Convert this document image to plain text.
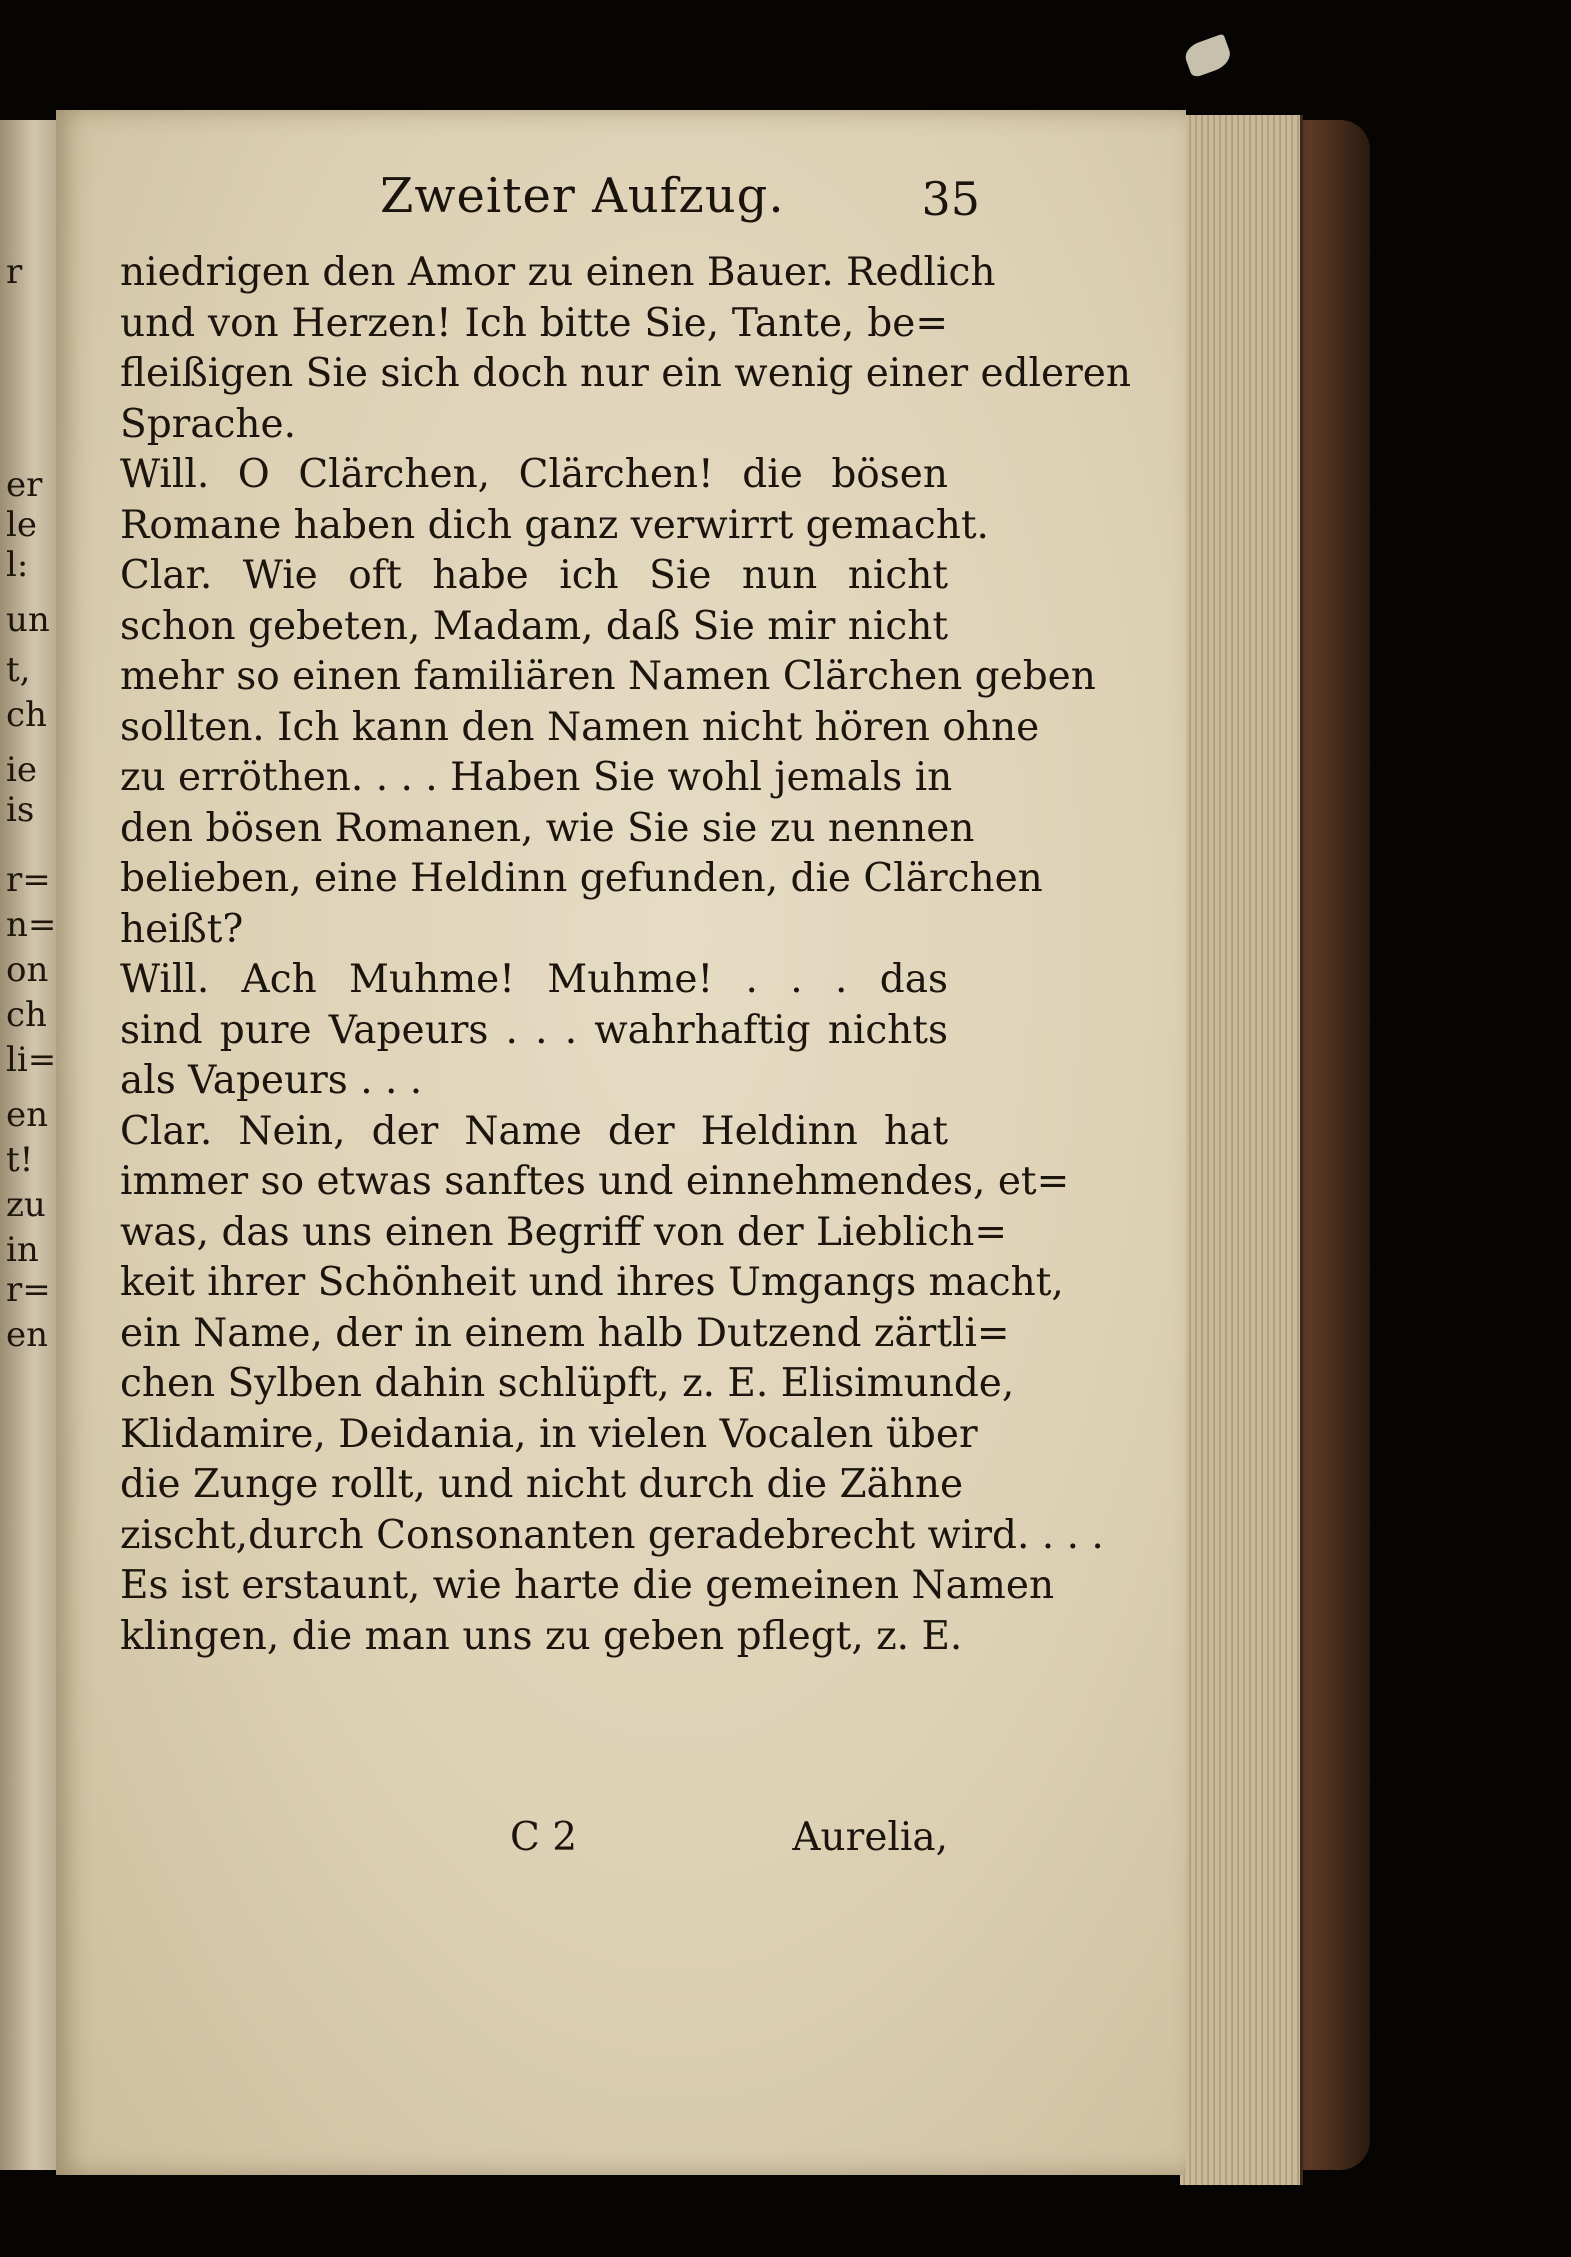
r
er
le
l:
un
t,
ch
ie
is
r=
n=
on
ch
li=
en
t!
zu
in
r=
en
Zweiter Aufzug.	35
niedrigen den Amor zu einen Bauer. Redlich
und von Herzen! Ich bitte Sie, Tante, be=
fleißigen Sie sich doch nur ein wenig einer edleren
Sprache.
Will. O Clärchen, Clärchen! die bösen
Romane haben dich ganz verwirrt gemacht.
Clar. Wie oft habe ich Sie nun nicht
schon gebeten, Madam, daß Sie mir nicht
mehr so einen familiären Namen Clärchen geben
sollten. Ich kann den Namen nicht hören ohne
zu erröthen. . . . Haben Sie wohl jemals in
den bösen Romanen, wie Sie sie zu nennen
belieben, eine Heldinn gefunden, die Clärchen
heißt?
Will. Ach Muhme! Muhme! . . . das
sind pure Vapeurs . . . wahrhaftig nichts
als Vapeurs . . .
Clar. Nein, der Name der Heldinn hat
immer so etwas sanftes und einnehmendes, et=
was, das uns einen Begriff von der Lieblich=
keit ihrer Schönheit und ihres Umgangs macht,
ein Name, der in einem halb Dutzend zärtli=
chen Sylben dahin schlüpft, z. E. Elisimunde,
Klidamire, Deidania, in vielen Vocalen über
die Zunge rollt, und nicht durch die Zähne
zischt,durch Consonanten geradebrecht wird. . . .
Es ist erstaunt, wie harte die gemeinen Namen
klingen, die man uns zu geben pflegt, z. E.
C 2	Aurelia,
